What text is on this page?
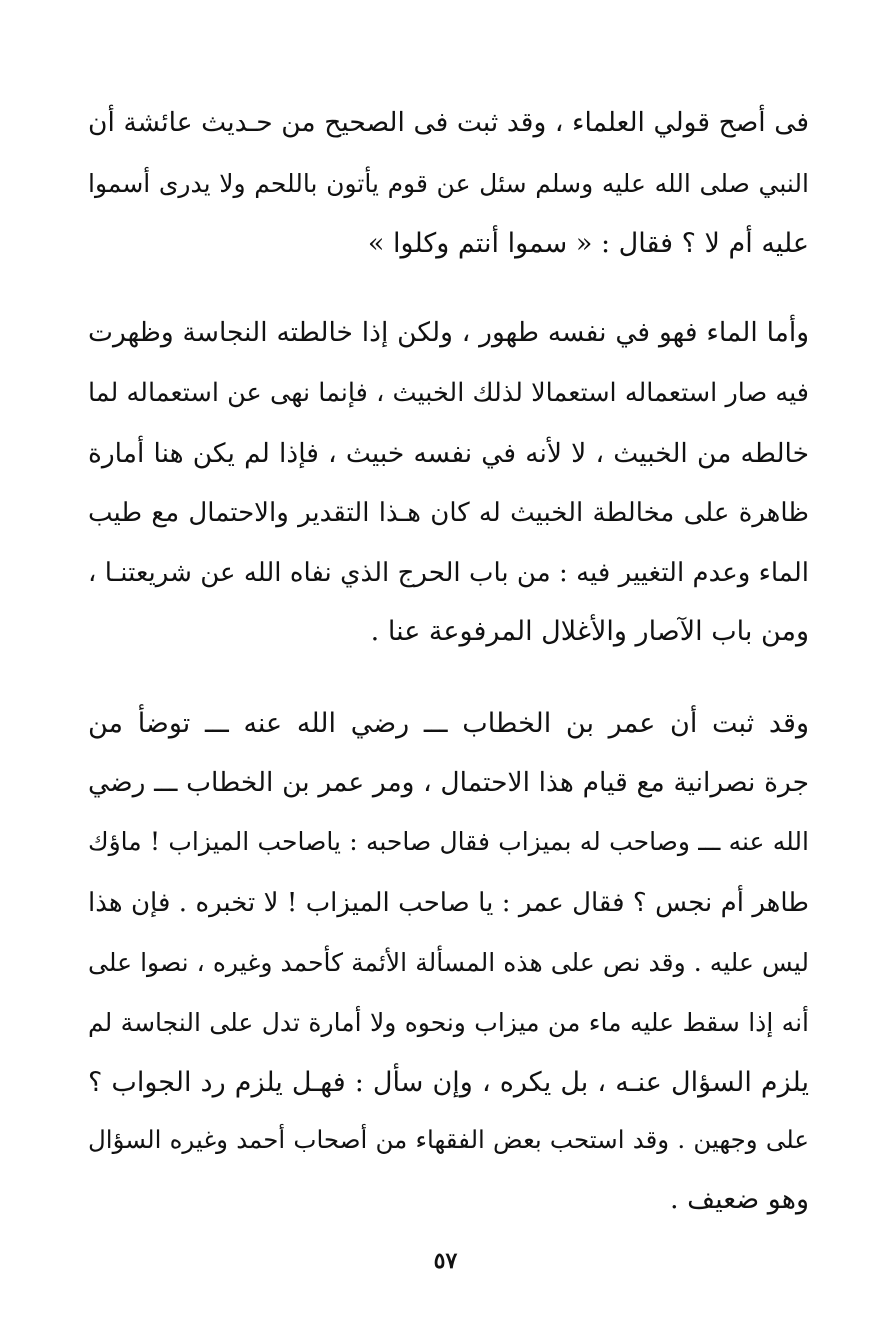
فى أصح قولي العلماء ، وقد ثبت فى الصحيح من حـديث عائشة أن
النبي صلى الله عليه وسلم سئل عن قوم يأتون باللحم ولا يدرى أسموا
عليه أم لا ؟ فقال : « سموا أنتم وكلوا »
وأما الماء فهو في نفسه طهور ، ولكن إذا خالطته النجاسة وظهرت
فيه صار استعماله استعمالا لذلك الخبيث ، فإنما نهى عن استعماله لما
خالطه من الخبيث ، لا لأنه في نفسه خبيث ، فإذا لم يكن هنا أمارة
ظاهرة على مخالطة الخبيث له كان هـذا التقدير والاحتمال مع طيب
الماء وعدم التغيير فيه : من باب الحرج الذي نفاه الله عن شريعتنـا ،
ومن باب الآصار والأغلال المرفوعة عنا .
وقد ثبت أن عمر بن الخطاب ـــ رضي الله عنه ـــ توضأ من
جرة نصرانية مع قيام هذا الاحتمال ، ومر عمر بن الخطاب ـــ رضي
الله عنه ـــ وصاحب له بميزاب فقال صاحبه : ياصاحب الميزاب ! ماؤك
طاهر أم نجس ؟ فقال عمر : يا صاحب الميزاب ! لا تخبره . فإن هذا
ليس عليه . وقد نص على هذه المسألة الأئمة كأحمد وغيره ، نصوا على
أنه إذا سقط عليه ماء من ميزاب ونحوه ولا أمارة تدل على النجاسة لم
يلزم السؤال عنـه ، بل يكره ، وإن سأل : فهـل يلزم رد الجواب ؟
على وجهين . وقد استحب بعض الفقهاء من أصحاب أحمد وغيره السؤال
وهو ضعيف .
٥٧
